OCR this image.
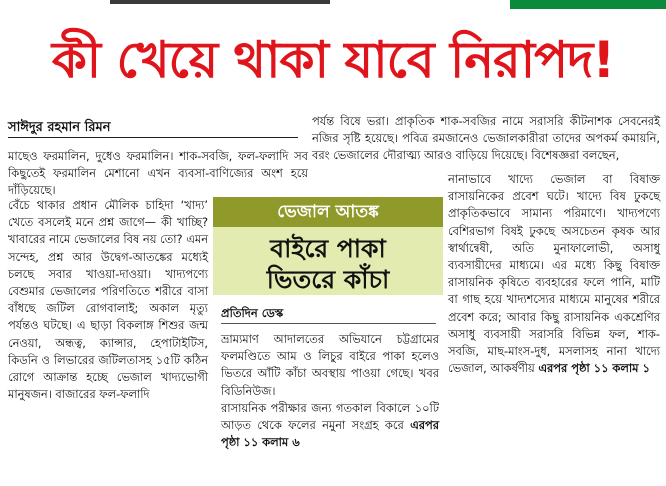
কী খেয়ে থাকা যাবে নিরাপদ!
সাঈদুর রহমান রিমন

মাছেও ফরমালিন, দুধেও ফরমালিন। শাক-সবজি, ফল-ফলাদি সব কিছুতেই ফরমালিন মেশানো এখন ব্যবসা-বাণিজ্যের অংশ হয়ে দাঁড়িয়েছে।

বেঁচে থাকার প্রধান মৌলিক চাহিদা ‘খাদ্য’ খেতে বসলেই মনে প্রশ্ন জাগে— কী খাচ্ছি? খাবারের নামে ভেজালের বিষ নয় তো? এমন সন্দেহ, প্রশ্ন আর উদ্বেগ-আতঙ্কের মধ্যেই চলছে সবার খাওয়া-দাওয়া। খাদ্যপণ্যে বেশুমার ভেজালের পরিণতিতে শরীরে বাসা বাঁধছে জটিল রোগবালাই; অকাল মৃত্যু পর্যন্তও ঘটছে। এ ছাড়া বিকলাঙ্গ শিশুর জন্ম নেওয়া, অন্ধত্ব, ক্যান্সার, হেপাটাইটিস, কিডনি ও লিভারের জটিলতাসহ ১৫টি কঠিন রোগে আক্রান্ত হচ্ছে ভেজাল খাদ্যভোগী মানুষজন। বাজারের ফল-ফলাদি

পর্যন্ত বিষে ভরা। প্রাকৃতিক শাক-সবজির নামে সরাসরি কীটনাশক সেবনেরই নজির সৃষ্টি হয়েছে। পবিত্র রমজানেও ভেজালকারীরা তাদের অপকর্ম কমায়নি, বরং ভেজালের দৌরাত্ম্য আরও বাড়িয়ে দিয়েছে। বিশেষজ্ঞরা বলছেন,

নানাভাবে খাদ্যে ভেজাল বা বিষাক্ত রাসায়নিকের প্রবেশ ঘটে। খাদ্যে বিষ ঢুকছে প্রাকৃতিকভাবে সামান্য পরিমাণে। খাদ্যপণ্যে বেশিরভাগ বিষই ঢুকছে অসচেতন কৃষক আর স্বার্থান্বেষী, অতি মুনাফালোভী, অসাধু ব্যবসায়ীদের মাধ্যমে। এর মধ্যে কিছু বিষাক্ত রাসায়নিক কৃষিতে ব্যবহারের ফলে পানি, মাটি বা গাছ হয়ে খাদ্যশস্যের মাধ্যমে মানুষের শরীরে প্রবেশ করে; আবার কিছু রাসায়নিক একশ্রেণির অসাধু ব্যবসায়ী সরাসরি বিভিন্ন ফল, শাক-সবজি, মাছ-মাংস-দুধ, মসলাসহ নানা খাদ্যে ভেজাল, আকর্ষণীয় এরপর পৃষ্ঠা ১১ কলাম ১

ভেজাল আতঙ্ক
বাইরে পাকা
ভিতরে কাঁচা
প্রতিদিন ডেস্ক

ভ্রাম্যমাণ আদালতের অভিযানে চট্টগ্রামের ফলমণ্ডিতে আম ও লিচুর বাইরে পাকা হলেও ভিতরে আঁটি কাঁচা অবস্থায় পাওয়া গেছে। খবর বিডিনিউজ।

রাসায়নিক পরীক্ষার জন্য গতকাল বিকালে ১০টি আড়ত থেকে ফলের নমুনা সংগ্রহ করে এরপর পৃষ্ঠা ১১ কলাম ৬
